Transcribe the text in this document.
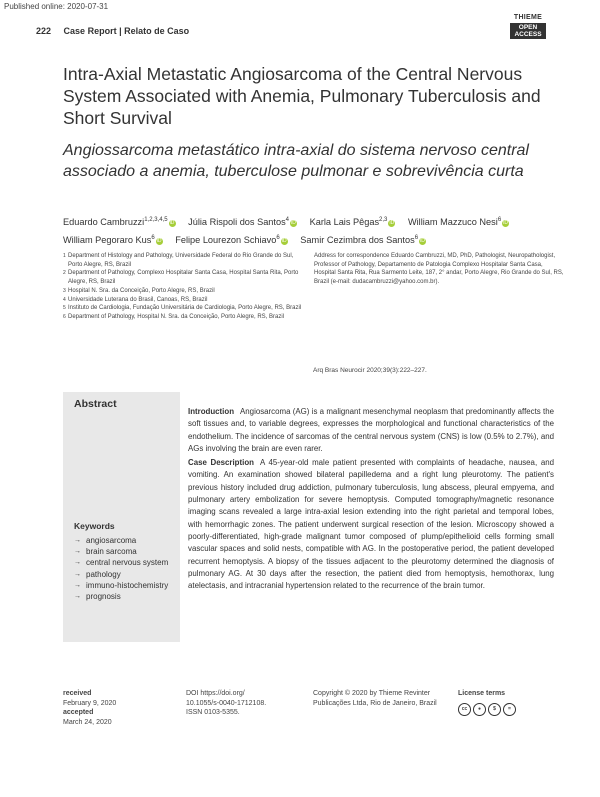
Published online: 2020-07-31
222 Case Report | Relato de Caso
THIEME
OPEN
ACCESS
Intra-Axial Metastatic Angiosarcoma of the Central Nervous System Associated with Anemia, Pulmonary Tuberculosis and Short Survival
Angiossarcoma metastático intra-axial do sistema nervoso central associado a anemia, tuberculose pulmonar e sobrevivência curta
Eduardo Cambruzzi$^{1,2,3,4,5}$iD Júlia Rispoli dos Santos$^4$iD Karla Lais Pêgas$^{2,3}$iD William Mazzuco Nesi$^6$iD William Pegoraro Kus$^6$iD Felipe Lourezon Schiavo$^6$iD Samir Cezimbra dos Santos$^6$iD
1 Department of Histology and Pathology, Universidade Federal do Rio Grande do Sul, Porto Alegre, RS, Brazil
2 Department of Pathology, Complexo Hospitalar Santa Casa, Hospital Santa Rita, Porto Alegre, RS, Brazil
3 Hospital N. Sra. da Conceição, Porto Alegre, RS, Brazil
4 Universidade Luterana do Brasil, Canoas, RS, Brazil
5 Instituto de Cardiologia, Fundação Universitária de Cardiologia, Porto Alegre, RS, Brazil
6 Department of Pathology, Hospital N. Sra. da Conceição, Porto Alegre, RS, Brazil
Address for correspondence Eduardo Cambruzzi, MD, PhD, Pathologist, Neuropathologist, Professor of Pathology, Departamento de Patologia Complexo Hospitalar Santa Casa, Hospital Santa Rita, Rua Sarmento Leite, 187, 2° andar, Porto Alegre, Rio Grande do Sul, RS, Brazil (e-mail: dudacambruzzi@yahoo.com.br).
Arq Bras Neurocir 2020;39(3):222–227.
Abstract
Keywords
→ angiosarcoma
→ brain sarcoma
→ central nervous system
→ pathology
→ immuno-histochemistry
→ prognosis

Introduction Angiosarcoma (AG) is a malignant mesenchymal neoplasm that predominantly affects the soft tissues and, to variable degrees, expresses the morphological and functional characteristics of the endothelium. The incidence of sarcomas of the central nervous system (CNS) is low (0.5% to 2.7%), and AGs involving the brain are even rarer.

Case Description A 45-year-old male patient presented with complaints of headache, nausea, and vomiting. An examination showed bilateral papilledema and a right lung pleurotomy. The patient's previous history included drug addiction, pulmonary tuberculosis, lung abscess, pleural empyema, and pulmonary artery embolization for severe hemoptysis. Computed tomography/magnetic resonance imaging scans revealed a large intra-axial lesion extending into the right parietal and temporal lobes, with hemorrhagic zones. The patient underwent surgical resection of the lesion. Microscopy showed a poorly-differentiated, high-grade malignant tumor composed of plump/epithelioid cells forming small vascular spaces and solid nests, compatible with AG. In the postoperative period, the patient developed recurrent hemoptysis. A biopsy of the tissues adjacent to the pleurotomy determined the diagnosis of pulmonary AG. At 30 days after the resection, the patient died from hemoptysis, hemothorax, lung atelectasis, and intracranial hypertension related to the recurrence of the brain tumor.

received
February 9, 2020
accepted
March 24, 2020
DOI https://doi.org/
10.1055/s-0040-1712108.
ISSN 0103-5355.
Copyright © 2020 by Thieme Revinter Publicações Ltda, Rio de Janeiro, Brazil
License terms
cc	●	$	=
